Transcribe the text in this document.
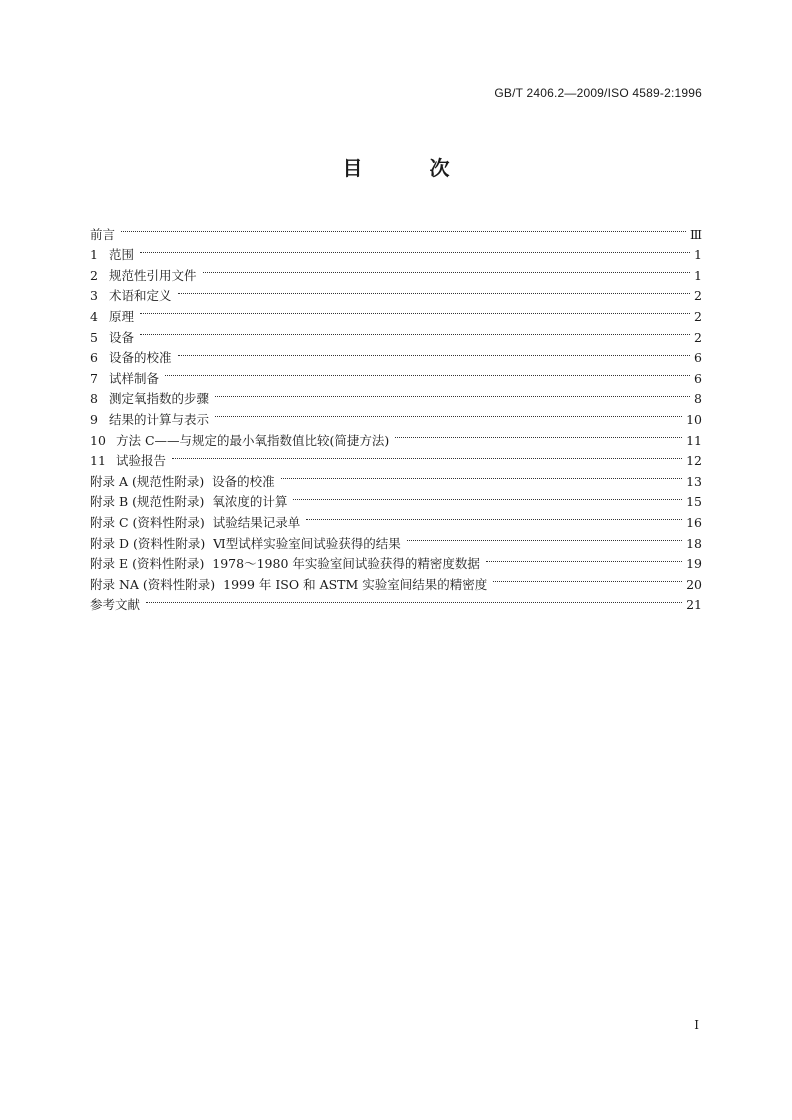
GB/T 2406.2—2009/ISO 4589-2:1996
目 次
前言	Ⅲ
1 范围	1
2 规范性引用文件	1
3 术语和定义	2
4 原理	2
5 设备	2
6 设备的校准	6
7 试样制备	6
8 测定氧指数的步骤	8
9 结果的计算与表示	10
10 方法 C——与规定的最小氧指数值比较(简捷方法)	11
11 试验报告	12
附录 A (规范性附录)  设备的校准	13
附录 B (规范性附录)  氧浓度的计算	15
附录 C (资料性附录)  试验结果记录单	16
附录 D (资料性附录)  Ⅵ型试样实验室间试验获得的结果	18
附录 E (资料性附录)  1978～1980 年实验室间试验获得的精密度数据	19
附录 NA (资料性附录)  1999 年 ISO 和 ASTM 实验室间结果的精密度	20
参考文献	21
I
